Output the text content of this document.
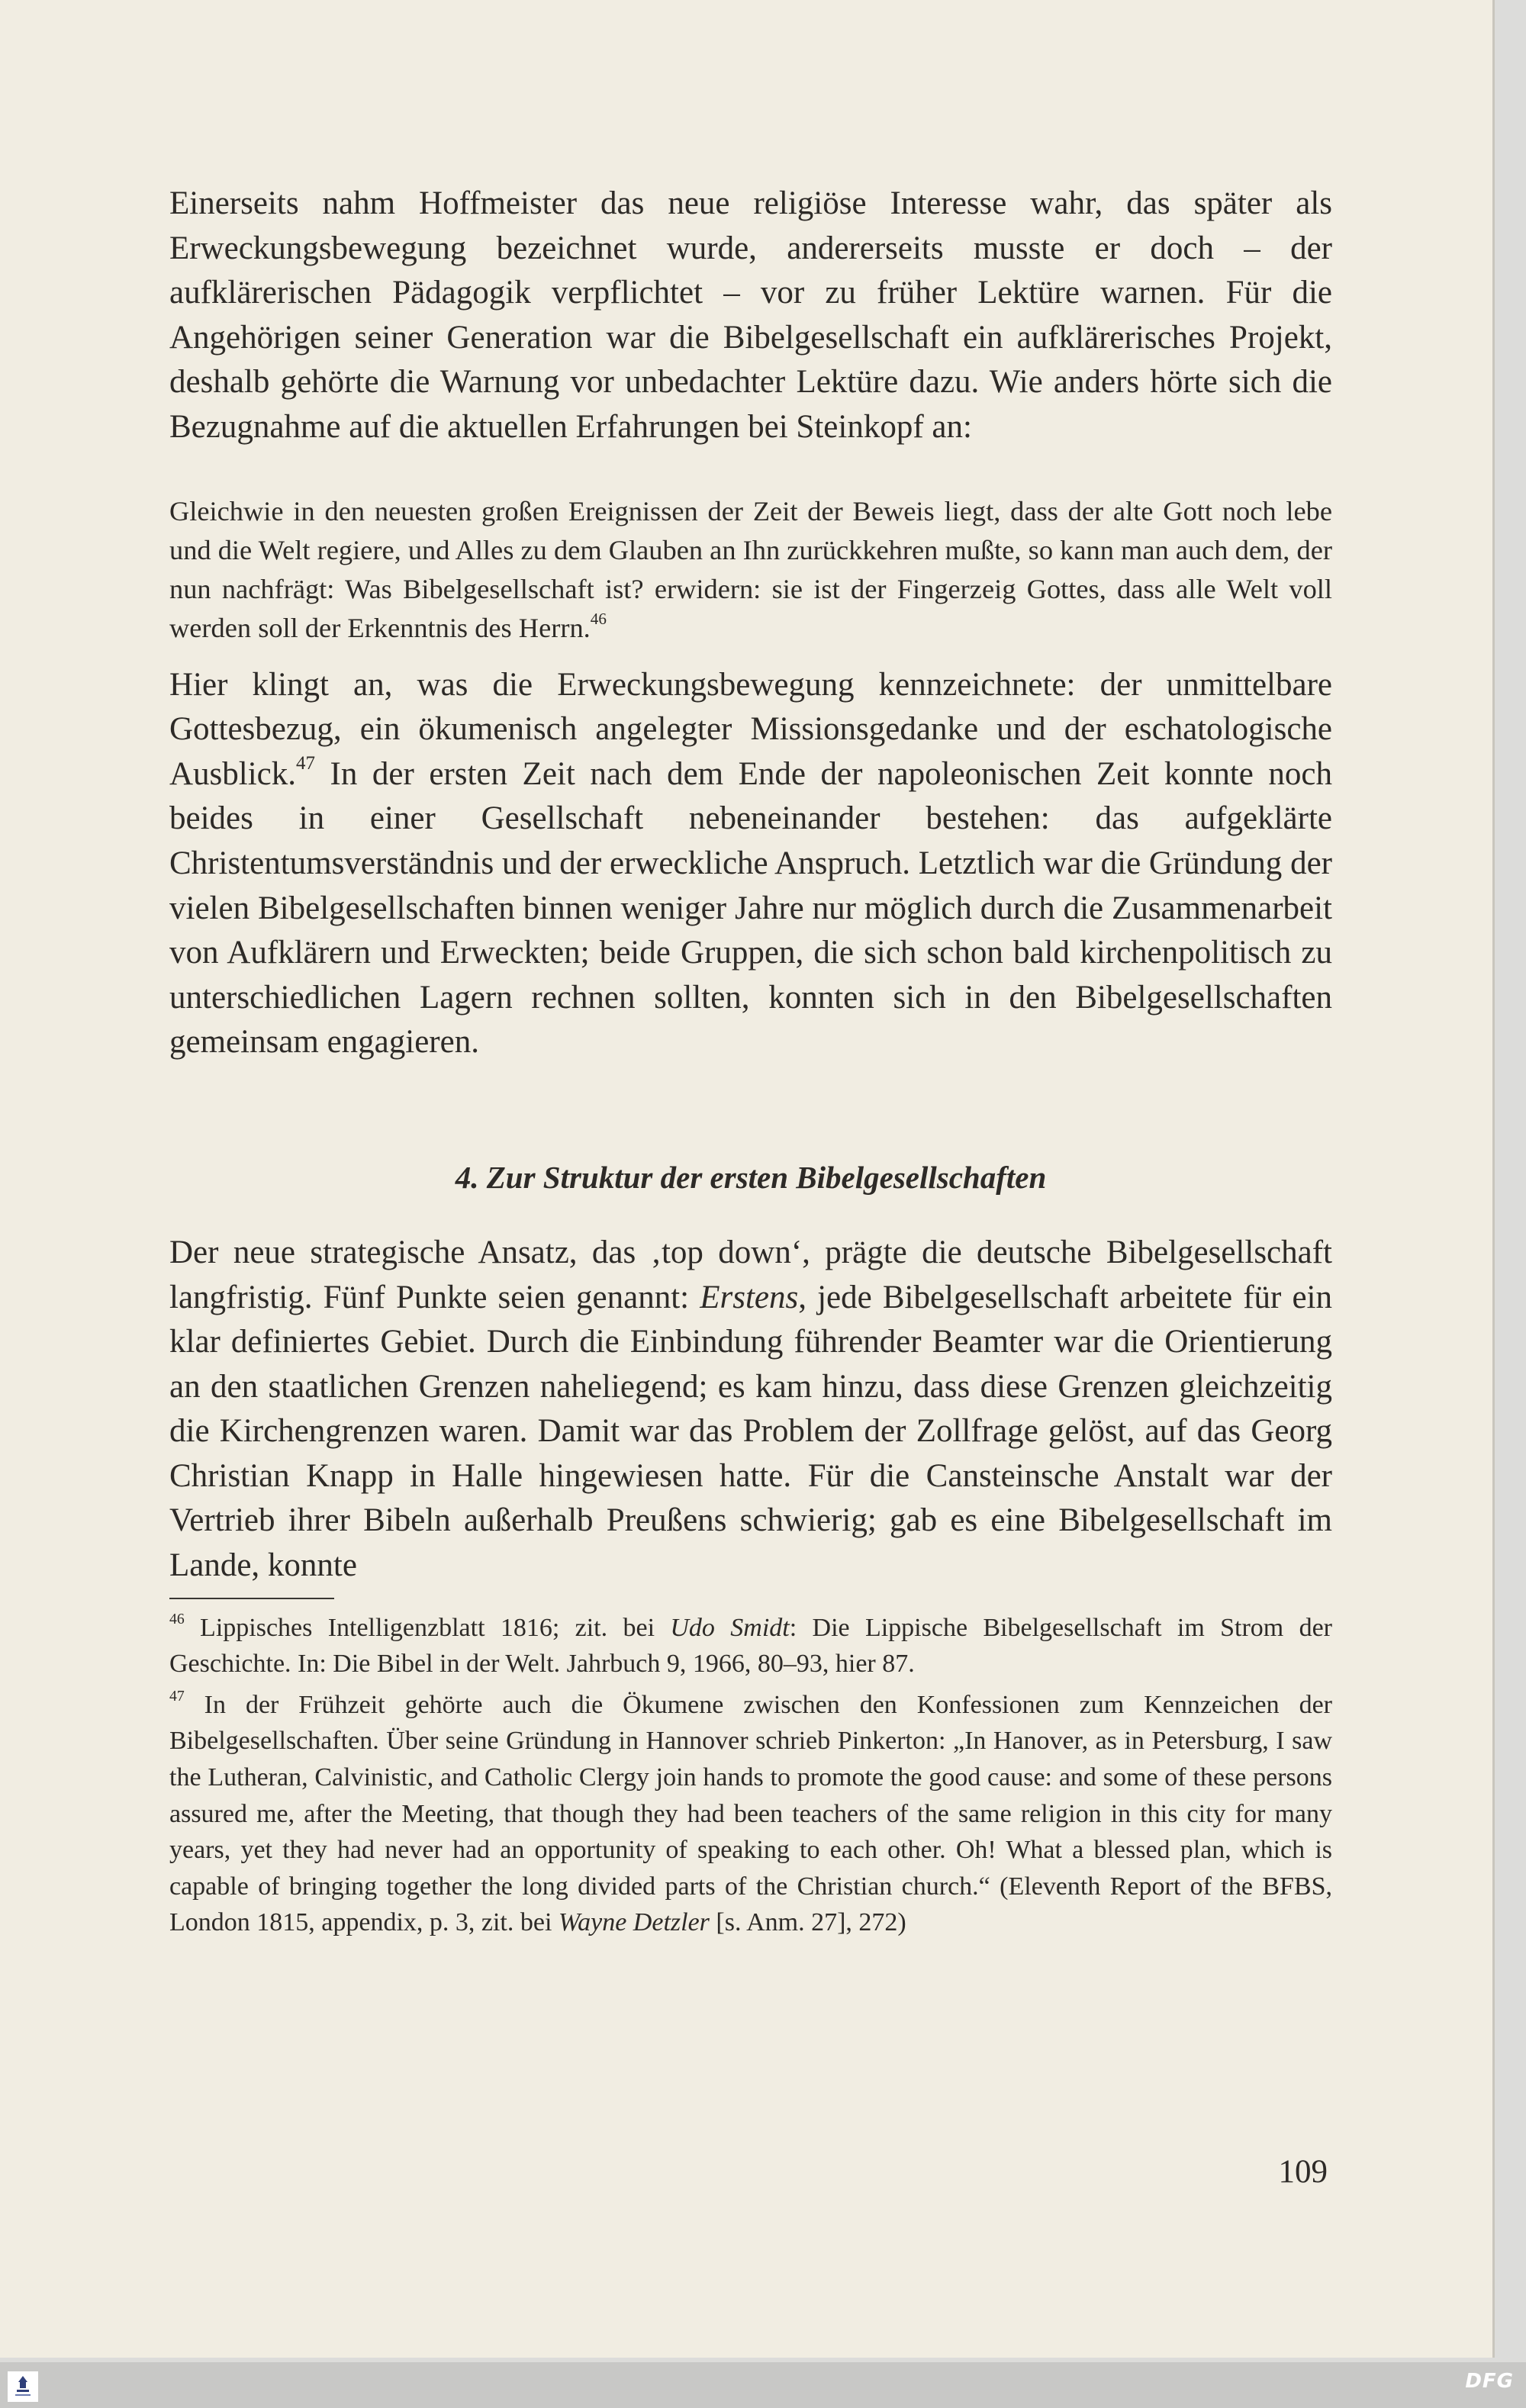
Einerseits nahm Hoffmeister das neue religiöse Interesse wahr, das später als Erweckungsbewegung bezeichnet wurde, andererseits musste er doch – der aufklärerischen Pädagogik verpflichtet – vor zu früher Lektüre warnen. Für die Angehörigen seiner Generation war die Bibelgesellschaft ein aufklärerisches Projekt, deshalb gehörte die Warnung vor unbedachter Lektüre dazu. Wie anders hörte sich die Bezugnahme auf die aktuellen Erfahrungen bei Steinkopf an:

Gleichwie in den neuesten großen Ereignissen der Zeit der Beweis liegt, dass der alte Gott noch lebe und die Welt regiere, und Alles zu dem Glauben an Ihn zurückkehren mußte, so kann man auch dem, der nun nachfrägt: Was Bibelgesellschaft ist? erwidern: sie ist der Fingerzeig Gottes, dass alle Welt voll werden soll der Erkenntnis des Herrn.$^{46}$

Hier klingt an, was die Erweckungsbewegung kennzeichnete: der unmittelbare Gottesbezug, ein ökumenisch angelegter Missionsgedanke und der eschatologische Ausblick.$^{47}$ In der ersten Zeit nach dem Ende der napoleonischen Zeit konnte noch beides in einer Gesellschaft nebeneinander bestehen: das aufgeklärte Christentumsverständnis und der erweckliche Anspruch. Letztlich war die Gründung der vielen Bibelgesellschaften binnen weniger Jahre nur möglich durch die Zusammenarbeit von Aufklärern und Erweckten; beide Gruppen, die sich schon bald kirchenpolitisch zu unterschiedlichen Lagern rechnen sollten, konnten sich in den Bibelgesellschaften gemeinsam engagieren.

4. Zur Struktur der ersten Bibelgesellschaften

Der neue strategische Ansatz, das ‚top down‘, prägte die deutsche Bibelgesellschaft langfristig. Fünf Punkte seien genannt: Erstens, jede Bibelgesellschaft arbeitete für ein klar definiertes Gebiet. Durch die Einbindung führender Beamter war die Orientierung an den staatlichen Grenzen naheliegend; es kam hinzu, dass diese Grenzen gleichzeitig die Kirchengrenzen waren. Damit war das Problem der Zollfrage gelöst, auf das Georg Christian Knapp in Halle hingewiesen hatte. Für die Cansteinsche Anstalt war der Vertrieb ihrer Bibeln außerhalb Preußens schwierig; gab es eine Bibelgesellschaft im Lande, konnte

$^{46}$ Lippisches Intelligenzblatt 1816; zit. bei Udo Smidt: Die Lippische Bibelgesellschaft im Strom der Geschichte. In: Die Bibel in der Welt. Jahrbuch 9, 1966, 80–93, hier 87.

$^{47}$ In der Frühzeit gehörte auch die Ökumene zwischen den Konfessionen zum Kennzeichen der Bibelgesellschaften. Über seine Gründung in Hannover schrieb Pinkerton: „In Hanover, as in Petersburg, I saw the Lutheran, Calvinistic, and Catholic Clergy join hands to promote the good cause: and some of these persons assured me, after the Meeting, that though they had been teachers of the same religion in this city for many years, yet they had never had an opportunity of speaking to each other. Oh! What a blessed plan, which is capable of bringing together the long divided parts of the Christian church.“ (Eleventh Report of the BFBS, London 1815, appendix, p. 3, zit. bei Wayne Detzler [s. Anm. 27], 272)

109
DFG
